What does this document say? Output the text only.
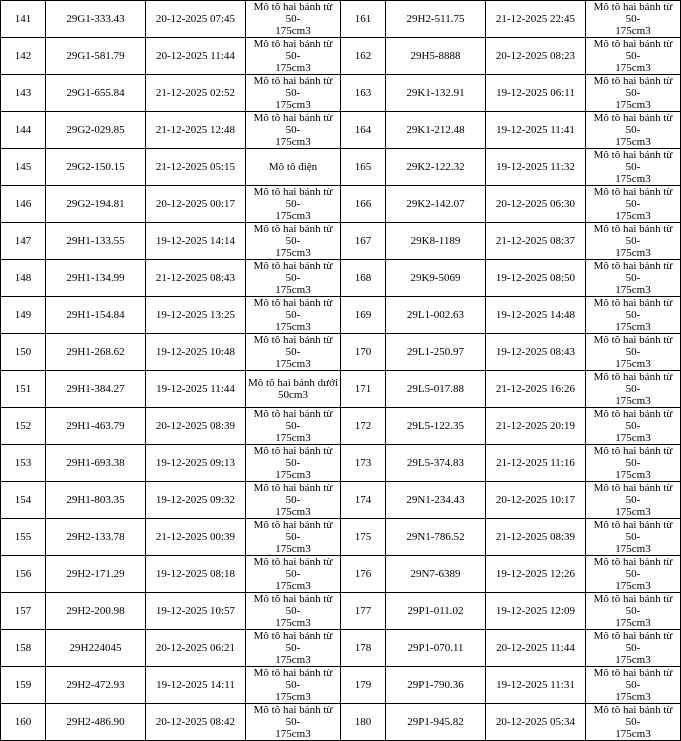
141	29G1-333.43	20-12-2025 07:45	Mô tô hai bánh từ 50-
175cm3	161	29H2-511.75	21-12-2025 22:45	Mô tô hai bánh từ 50-
175cm3
142	29G1-581.79	20-12-2025 11:44	Mô tô hai bánh từ 50-
175cm3	162	29H5-8888	20-12-2025 08:23	Mô tô hai bánh từ 50-
175cm3
143	29G1-655.84	21-12-2025 02:52	Mô tô hai bánh từ 50-
175cm3	163	29K1-132.91	19-12-2025 06:11	Mô tô hai bánh từ 50-
175cm3
144	29G2-029.85	21-12-2025 12:48	Mô tô hai bánh từ 50-
175cm3	164	29K1-212.48	19-12-2025 11:41	Mô tô hai bánh từ 50-
175cm3
145	29G2-150.15	21-12-2025 05:15	Mô tô điện	165	29K2-122.32	19-12-2025 11:32	Mô tô hai bánh từ 50-
175cm3
146	29G2-194.81	20-12-2025 00:17	Mô tô hai bánh từ 50-
175cm3	166	29K2-142.07	20-12-2025 06:30	Mô tô hai bánh từ 50-
175cm3
147	29H1-133.55	19-12-2025 14:14	Mô tô hai bánh từ 50-
175cm3	167	29K8-1189	21-12-2025 08:37	Mô tô hai bánh từ 50-
175cm3
148	29H1-134.99	21-12-2025 08:43	Mô tô hai bánh từ 50-
175cm3	168	29K9-5069	19-12-2025 08:50	Mô tô hai bánh từ 50-
175cm3
149	29H1-154.84	19-12-2025 13:25	Mô tô hai bánh từ 50-
175cm3	169	29L1-002.63	19-12-2025 14:48	Mô tô hai bánh từ 50-
175cm3
150	29H1-268.62	19-12-2025 10:48	Mô tô hai bánh từ 50-
175cm3	170	29L1-250.97	19-12-2025 08:43	Mô tô hai bánh từ 50-
175cm3
151	29H1-384.27	19-12-2025 11:44	Mô tô hai bánh dưới
50cm3	171	29L5-017.88	21-12-2025 16:26	Mô tô hai bánh từ 50-
175cm3
152	29H1-463.79	20-12-2025 08:39	Mô tô hai bánh từ 50-
175cm3	172	29L5-122.35	21-12-2025 20:19	Mô tô hai bánh từ 50-
175cm3
153	29H1-693.38	19-12-2025 09:13	Mô tô hai bánh từ 50-
175cm3	173	29L5-374.83	21-12-2025 11:16	Mô tô hai bánh từ 50-
175cm3
154	29H1-803.35	19-12-2025 09:32	Mô tô hai bánh từ 50-
175cm3	174	29N1-234.43	20-12-2025 10:17	Mô tô hai bánh từ 50-
175cm3
155	29H2-133.78	21-12-2025 00:39	Mô tô hai bánh từ 50-
175cm3	175	29N1-786.52	21-12-2025 08:39	Mô tô hai bánh từ 50-
175cm3
156	29H2-171.29	19-12-2025 08:18	Mô tô hai bánh từ 50-
175cm3	176	29N7-6389	19-12-2025 12:26	Mô tô hai bánh từ 50-
175cm3
157	29H2-200.98	19-12-2025 10:57	Mô tô hai bánh từ 50-
175cm3	177	29P1-011.02	19-12-2025 12:09	Mô tô hai bánh từ 50-
175cm3
158	29H224045	20-12-2025 06:21	Mô tô hai bánh từ 50-
175cm3	178	29P1-070.11	20-12-2025 11:44	Mô tô hai bánh từ 50-
175cm3
159	29H2-472.93	19-12-2025 14:11	Mô tô hai bánh từ 50-
175cm3	179	29P1-790.36	19-12-2025 11:31	Mô tô hai bánh từ 50-
175cm3
160	29H2-486.90	20-12-2025 08:42	Mô tô hai bánh từ 50-
175cm3	180	29P1-945.82	20-12-2025 05:34	Mô tô hai bánh từ 50-
175cm3
